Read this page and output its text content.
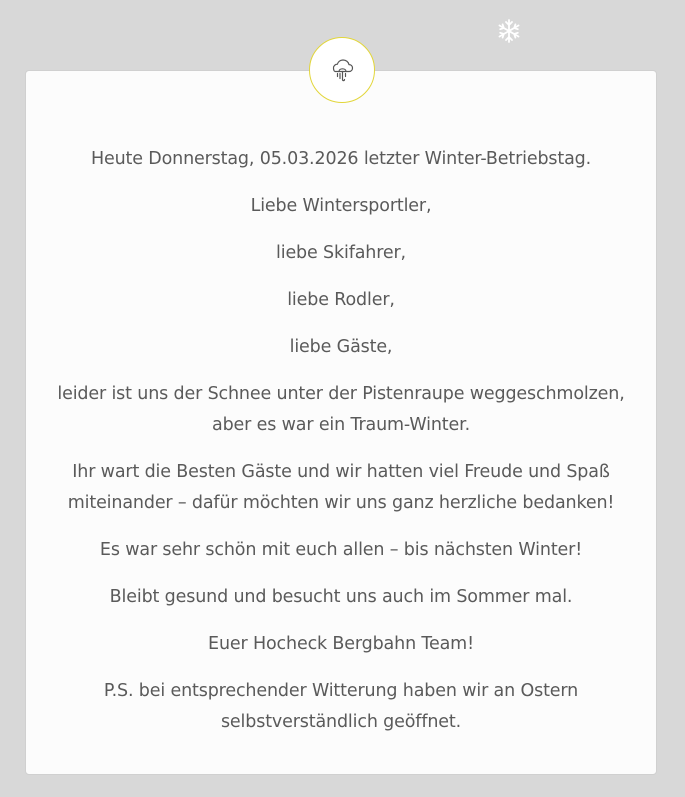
Heute Donnerstag, 05.03.2026 letzter Winter-Betriebstag.

Liebe Wintersportler,

liebe Skifahrer,

liebe Rodler,

liebe Gäste,

leider ist uns der Schnee unter der Pistenraupe weggeschmolzen, aber es war ein Traum-Winter.

Ihr wart die Besten Gäste und wir hatten viel Freude und Spaß miteinander – dafür möchten wir uns ganz herzliche bedanken!

Es war sehr schön mit euch allen – bis nächsten Winter!

Bleibt gesund und besucht uns auch im Sommer mal.

Euer Hocheck Bergbahn Team!

P.S. bei entsprechender Witterung haben wir an Ostern selbstverständlich geöffnet.
